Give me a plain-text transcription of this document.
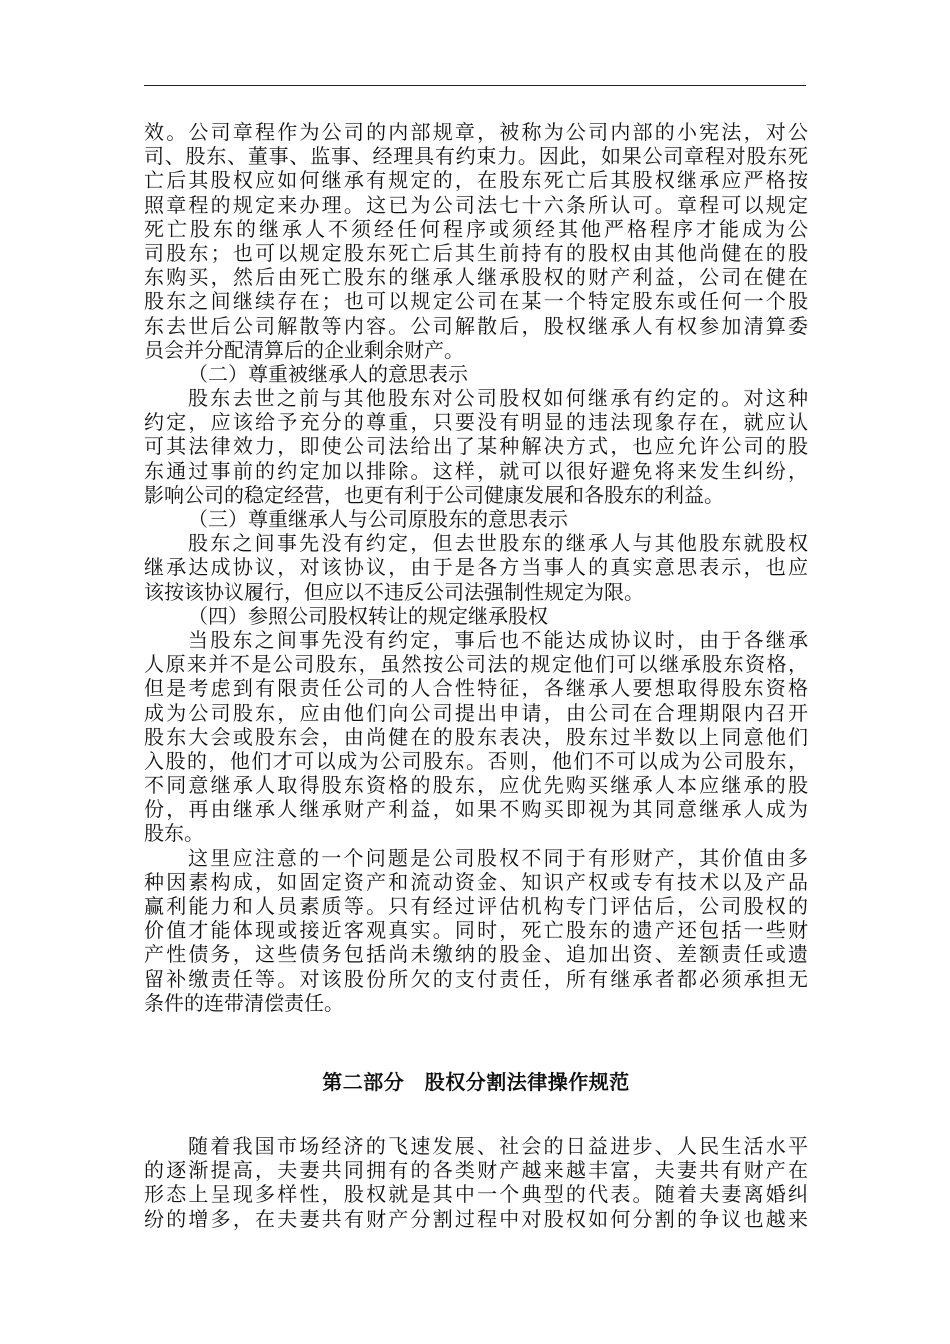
效。公司章程作为公司的内部规章，被称为公司内部的小宪法，对公
司、股东、董事、监事、经理具有约束力。因此，如果公司章程对股东死
亡后其股权应如何继承有规定的，在股东死亡后其股权继承应严格按
照章程的规定来办理。这已为公司法七十六条所认可。章程可以规定
死亡股东的继承人不须经任何程序或须经其他严格程序才能成为公
司股东；也可以规定股东死亡后其生前持有的股权由其他尚健在的股
东购买，然后由死亡股东的继承人继承股权的财产利益，公司在健在
股东之间继续存在；也可以规定公司在某一个特定股东或任何一个股
东去世后公司解散等内容。公司解散后，股权继承人有权参加清算委
员会并分配清算后的企业剩余财产。
（二）尊重被继承人的意思表示
股东去世之前与其他股东对公司股权如何继承有约定的。对这种
约定，应该给予充分的尊重，只要没有明显的违法现象存在，就应认
可其法律效力，即使公司法给出了某种解决方式，也应允许公司的股
东通过事前的约定加以排除。这样，就可以很好避免将来发生纠纷，
影响公司的稳定经营，也更有利于公司健康发展和各股东的利益。
（三）尊重继承人与公司原股东的意思表示
股东之间事先没有约定，但去世股东的继承人与其他股东就股权
继承达成协议，对该协议，由于是各方当事人的真实意思表示，也应
该按该协议履行，但应以不违反公司法强制性规定为限。
（四）参照公司股权转让的规定继承股权
当股东之间事先没有约定，事后也不能达成协议时，由于各继承
人原来并不是公司股东，虽然按公司法的规定他们可以继承股东资格，
但是考虑到有限责任公司的人合性特征，各继承人要想取得股东资格
成为公司股东，应由他们向公司提出申请，由公司在合理期限内召开
股东大会或股东会，由尚健在的股东表决，股东过半数以上同意他们
入股的，他们才可以成为公司股东。否则，他们不可以成为公司股东，
不同意继承人取得股东资格的股东，应优先购买继承人本应继承的股
份，再由继承人继承财产利益，如果不购买即视为其同意继承人成为
股东。
这里应注意的一个问题是公司股权不同于有形财产，其价值由多
种因素构成，如固定资产和流动资金、知识产权或专有技术以及产品
赢利能力和人员素质等。只有经过评估机构专门评估后，公司股权的
价值才能体现或接近客观真实。同时，死亡股东的遗产还包括一些财
产性债务，这些债务包括尚未缴纳的股金、追加出资、差额责任或遗
留补缴责任等。对该股份所欠的支付责任，所有继承者都必须承担无
条件的连带清偿责任。
第二部分　股权分割法律操作规范
随着我国市场经济的飞速发展、社会的日益进步、人民生活水平
的逐渐提高，夫妻共同拥有的各类财产越来越丰富，夫妻共有财产在
形态上呈现多样性，股权就是其中一个典型的代表。随着夫妻离婚纠
纷的增多，在夫妻共有财产分割过程中对股权如何分割的争议也越来
